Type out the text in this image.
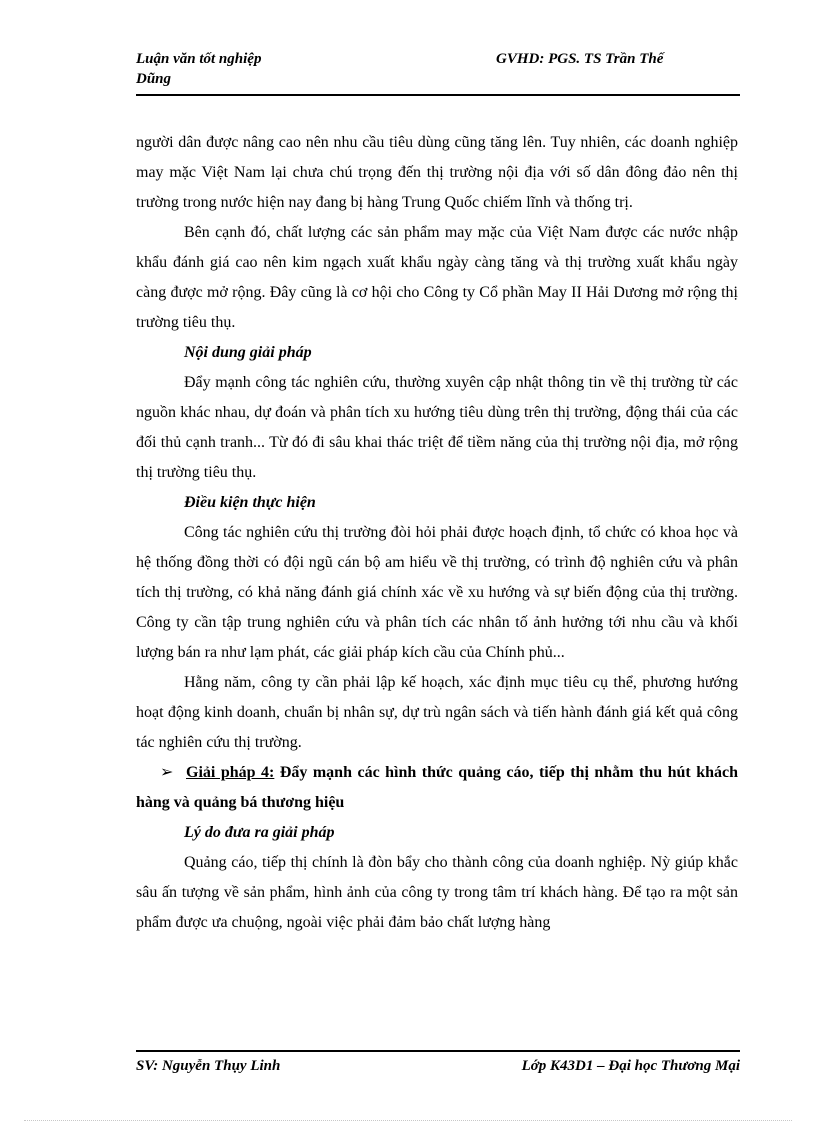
Luận văn tốt nghiệp	GVHD: PGS. TS Trần Thế
Dũng

người dân được nâng cao nên nhu cầu tiêu dùng cũng tăng lên. Tuy nhiên, các doanh nghiệp may mặc Việt Nam lại chưa chú trọng đến thị trường nội địa với số dân đông đảo nên thị trường trong nước hiện nay đang bị hàng Trung Quốc chiếm lĩnh và thống trị.

Bên cạnh đó, chất lượng các sản phẩm may mặc của Việt Nam được các nước nhập khẩu đánh giá cao nên kim ngạch xuất khẩu ngày càng tăng và thị trường xuất khẩu ngày càng được mở rộng. Đây cũng là cơ hội cho Công ty Cổ phần May II Hải Dương mở rộng thị trường tiêu thụ.

Nội dung giải pháp

Đẩy mạnh công tác nghiên cứu, thường xuyên cập nhật thông tin về thị trường từ các nguồn khác nhau, dự đoán và phân tích xu hướng tiêu dùng trên thị trường, động thái của các đối thủ cạnh tranh... Từ đó đi sâu khai thác triệt để tiềm năng của thị trường nội địa, mở rộng thị trường tiêu thụ.

Điều kiện thực hiện

Công tác nghiên cứu thị trường đòi hỏi phải được hoạch định, tổ chức có khoa học và hệ thống đồng thời có đội ngũ cán bộ am hiểu về thị trường, có trình độ nghiên cứu và phân tích thị trường, có khả năng đánh giá chính xác về xu hướng và sự biến động của thị trường. Công ty cần tập trung nghiên cứu và phân tích các nhân tố ảnh hưởng tới nhu cầu và khối lượng bán ra như lạm phát, các giải pháp kích cầu của Chính phủ...

Hằng năm, công ty cần phải lập kế hoạch, xác định mục tiêu cụ thể, phương hướng hoạt động kinh doanh, chuẩn bị nhân sự, dự trù ngân sách và tiến hành đánh giá kết quả công tác nghiên cứu thị trường.

➢ Giải pháp 4: Đẩy mạnh các hình thức quảng cáo, tiếp thị nhằm thu hút khách hàng và quảng bá thương hiệu

Lý do đưa ra giải pháp

Quảng cáo, tiếp thị chính là đòn bẩy cho thành công của doanh nghiệp. Nỳ giúp khắc sâu ấn tượng về sản phẩm, hình ảnh của công ty trong tâm trí khách hàng. Để tạo ra một sản phẩm được ưa chuộng, ngoài việc phải đảm bảo chất lượng hàng

SV: Nguyễn Thụy Linh	Lớp K43D1 – Đại học Thương Mại
